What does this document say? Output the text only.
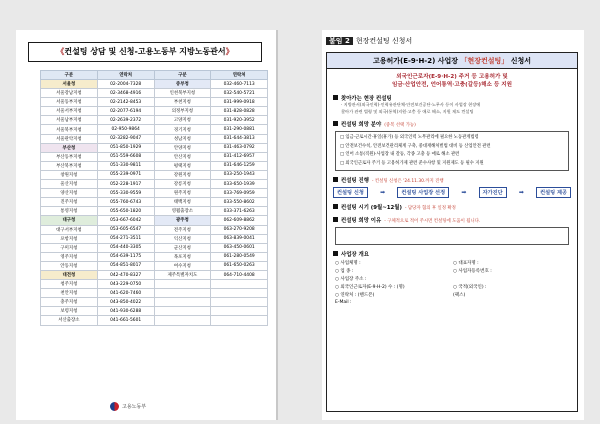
《컨설팅 상담 및 신청-고용노동부 지방노동관서》
구분	연락처	구분	연락처
서울청	02-2004-7328	중부청	032-460-7113
서울강남지청	02-3468-4916	인천북부지청	032-540-5721
서울동부지청	02-2142-8453	부천지청	031-999-0918
서울서부지청	02-2077-6194	의정부지청	031-828-0828
서울남부지청	02-2639-2372	고양지청	031-920-3952
서울북부지청	02-950-9864	경기지청	031-290-0881
서울관악지청	02-3282-9047	성남지청	031-644-3813
부산청	051-850-1929	안양지청	031-463-0792
부산동부지청	051-559-6608	안산지청	031-412-6957
부산북부지청	051-330-9811	평택지청	031-646-1259
창원지청	055-239-0971	강원지청	033-250-1943
울산지청	052-228-1917	강릉지청	033-650-1939
양산지청	055-330-9559	원주지청	033-769-0959
진주지청	055-760-6743	태백지청	033-550-8602
통영지청	055-650-1820	영월출장소	033-371-6263
대구청	053-667-6042	광주청	062-609-8862
대구서부지청	053-605-6547	전주지청	063-270-9208
포항지청	054-271-3511	익산지청	063-839-0041
구미지청	054-440-3305	군산지청	063-450-0601
영주지청	054-639-1175	목포지청	061-280-0549
안동지청	054-851-8017	여수지청	061-650-0263
대전청	042-470-8327	제주특별자치도	064-710-4408
청주지청	043-229-0750		
천안지청	041-620-7460		
충주지청	043-850-4022		
보령지청	041-930-6288		
서산출장소	041-661-5601		
고용노동부
붙임 2 현장컨설팅 신청서
고용허가(E-9·H-2) 사업장 「현장컨설팅」 신청서
외국인근로자(E-9·H-2) 주거 등 고용허가 및
임금·산업안전, 언어통역·고충(갈등)해소 등 지원
찾아가는 현장 컨설팅
· 지방관서(외국인력)·인력유관단체·안전보건공단·노무사 등이 사업장 현장에
찾아가 관련 법령 및 외국(통역)지원·고충 등 애로 해소, 지원 제도 컨설팅
컨설팅 희망 분야 (중복 선택 가능)
□ 임금·근로시간·휴일(휴가) 등 외국인력 노무관리에 필요한 노동관계법령
□ 안전보건수칙, 안전보건관리체계 구축, 중대재해처벌법 대비 등 산업안전 관련
□ 언어 소통(직원)·사업장 내 갈등, 각종 고충 등 애로 해소 관련
□ 외국인근로자 주거 등 고용허가제 관련 준수사항 및 지원제도 등 필수 지원
컨설팅 진행 - 컨설팅 신청은 '24.11.30.까지 진행
컨설팅 신청	➡	컨설팅 사업장 선정	➡	자가진단	➡	컨설팅 제공
컨설팅 시기 (9월~12월) - 담당자 협의 후 일정 확정
컨설팅 희망 이유 - 구체적으로 적어 주시면 컨설팅에 도움이 됩니다.
사업장 개요
○ 사업체명 :	○ 대표자명 :
○ 업 종 :	○ 사업자등록번호 :
○ 사업장 주소 :
○ 외국인근로자(E-9·H-2) 수 : (명)	○ 국적(외국인) :
○ 연락처 : (핸드폰)	(팩스)
E-Mail :
